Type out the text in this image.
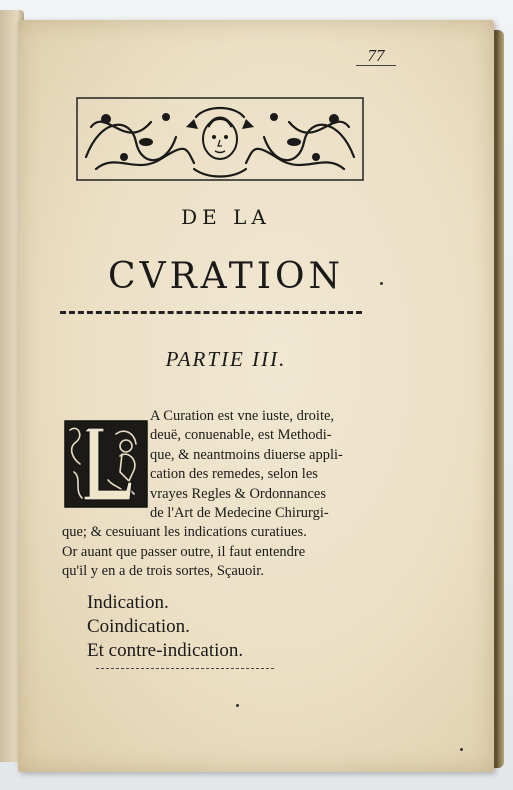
77
DE LA
CVRATION
PARTIE III.
A Curation est vne iuste, droite,
deuë, conuenable, est Methodi-
que, & neantmoins diuerse appli-
cation des remedes, selon les
vrayes Regles & Ordonnances
de l'Art de Medecine Chirurgi-
que; & cesuiuant les indications curatiues.
Or auant que passer outre, il faut entendre
qu'il y en a de trois sortes, Sçauoir.
Indication.
Coindication.
Et contre-indication.
